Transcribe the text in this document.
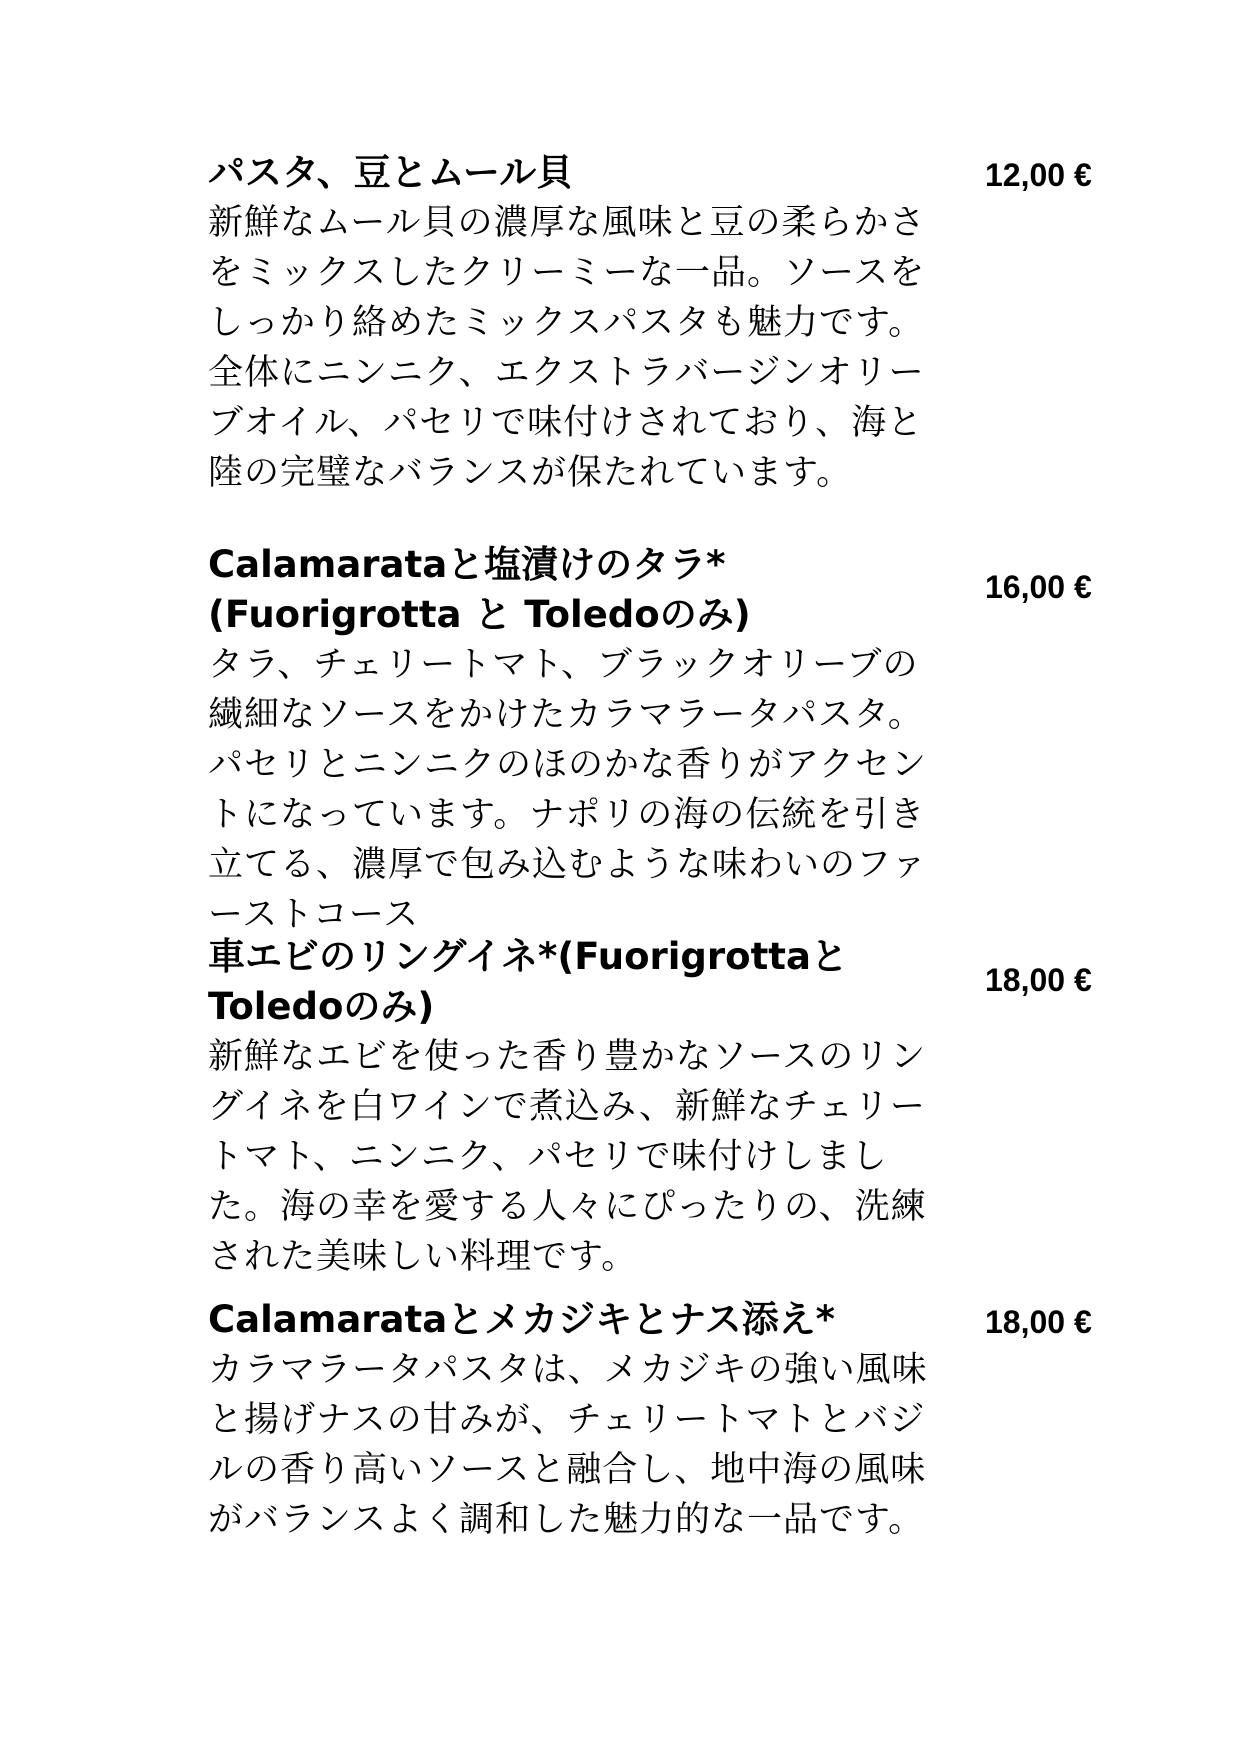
パスタ、豆とムール貝

新鮮なムール貝の濃厚な風味と豆の柔らかさをミックスしたクリーミーな一品。ソースをしっかり絡めたミックスパスタも魅力です。全体にニンニク、エクストラバージンオリーブオイル、パセリで味付けされており、海と陸の完璧なバランスが保たれています。

12,00 €
Calamarataと塩漬けのタラ*(Fuorigrotta と Toledoのみ)

タラ、チェリートマト、ブラックオリーブの繊細なソースをかけたカラマラータパスタ。パセリとニンニクのほのかな香りがアクセントになっています。ナポリの海の伝統を引き立てる、濃厚で包み込むような味わいのファーストコース

16,00 €
車エビのリングイネ*(Fuorigrottaと Toledoのみ)

新鮮なエビを使った香り豊かなソースのリングイネを白ワインで煮込み、新鮮なチェリートマト、ニンニク、パセリで味付けしました。海の幸を愛する人々にぴったりの、洗練された美味しい料理です。

18,00 €
Calamarataとメカジキとナス添え*

カラマラータパスタは、メカジキの強い風味と揚げナスの甘みが、チェリートマトとバジルの香り高いソースと融合し、地中海の風味がバランスよく調和した魅力的な一品です。

18,00 €
